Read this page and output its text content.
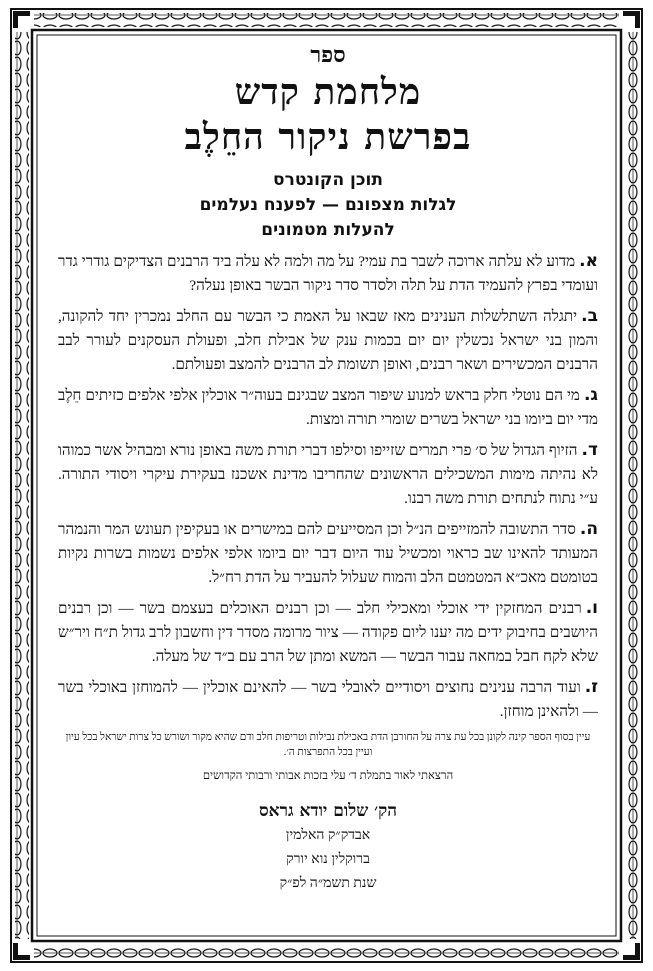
ספר

מלחמת קדש

בפרשת ניקור החֵלֶב

תוכן הקונטרס

לגלות מצפונם — לפענח נעלמים

להעלות מטמונים

א.מדוע לא עלתה ארוכה לשבר בת עמי? על מה ולמה לא עלה ביד הרבנים הצדיקים גודרי גדר ועומדי בפרץ להעמיד הדת על תלה ולסדר סדר ניקור הבשר באופן נעלה?

ב.יתגלה השתלשלות הענינים מאז שבאו על האמת כי הבשר עם החלב נמכרין יחד להקונה, והמון בני ישראל נכשלין יום יום בכמות ענק של אבילת חלב, ופעולת העסקנים לעורר לבב הרבנים המכשירים ושאר רבנים, ואופן תשומת לב הרבנים להמצב ופעולתם.

ג.מי הם נוטלי חלק בראש למנוע שיפור המצב שבגינם בעוה״ר אוכלין אלפי אלפים כזיתים חֵלֶב מדי יום ביומו בני ישראל בשרים שומרי תורה ומצות.

ד.הזיוף הגדול של ס׳ פרי תמרים שזייפו וסילפו דברי תורת משה באופן נורא ומבהיל אשר כמוהו לא נהיתה מימות המשכילים הראשונים שהחריבו מדינת אשכנז בעקירת עיקרי ויסודי התורה. ע״י נתוח לנתחים תורת משה רבנו.

ה.סדר התשובה להמזייפים הנ״ל וכן המסייעים להם במישרים או בעקיפין תעונש המר והנמהר המעותד להאינו שב כראוי ומכשיל עוד היום דבר יום ביומו אלפי אלפים נשמות בשרות נקיות בטומטם מאכ״א המטמטם הלב והמוח שעלול להעביר על הדת רח״ל.

ו.רבנים המחזקין ידי אוכלי ומאכילי חלב — וכן רבנים האוכלים בעצמם בשר — וכן רבנים היושבים בחיבוק ידים מה יענו ליום פקודה — ציור מרומה מסדר דין וחשבון לרב גדול ת״ח ויר״ש שלא לקח חבל במחאה עבור הבשר — המשא ומתן של הרב עם ב״ד של מעלה.

ז.ועוד הרבה ענינים נחוצים ויסודיים לאובלי בשר — להאינם אוכלין — להמוחזן באוכלי בשר — ולהאינן מוחזן.

עיין בסוף הספר קינה לקונן בכל עת צרה על החורבן הדת באכילת נבילות וטריפות חלב ודם שהיא מקור ושורש כל צרות ישראל בכל עיון ועיין בכל התפרצות ה׳.

הרצאתי לאור בתמלת ד׳ עלי בזכות אבותי ורבותי הקדושים

הק׳ שלום יודא גראס

אבדק״ק האלמין

ברוקלין נוא יורק

שנת תשמ״ה לפ״ק
